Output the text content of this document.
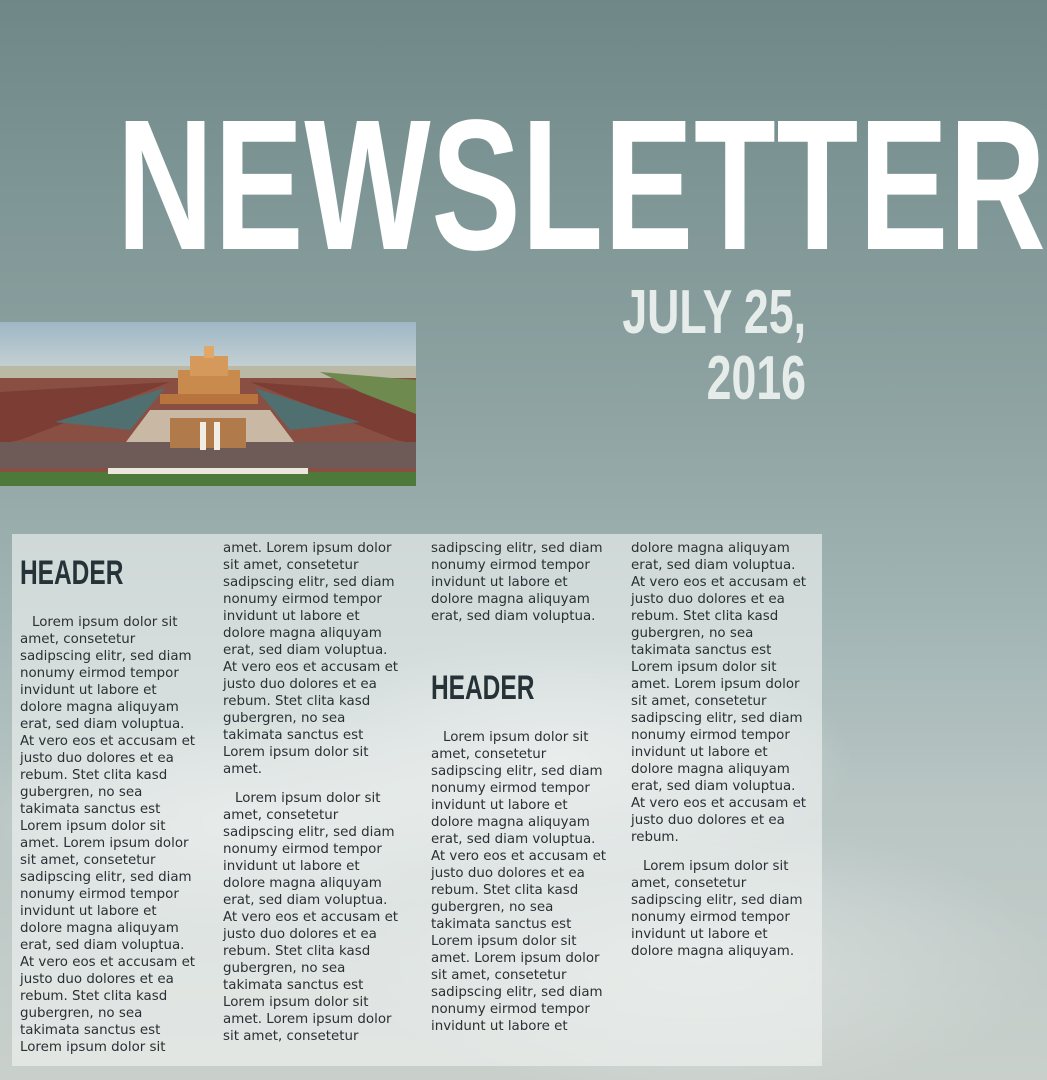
NEWSLETTER
JULY 25, 2016
HEADER

Lorem ipsum dolor sit amet, consetetur sadipscing elitr, sed diam nonumy eirmod tempor invidunt ut labore et dolore magna aliquyam erat, sed diam voluptua. At vero eos et accusam et justo duo dolores et ea rebum. Stet clita kasd gubergren, no sea takimata sanctus est Lorem ipsum dolor sit amet. Lorem ipsum dolor sit amet, consetetur sadipscing elitr, sed diam nonumy eirmod tempor invidunt ut labore et dolore magna aliquyam erat, sed diam voluptua. At vero eos et accusam et justo duo dolores et ea rebum. Stet clita kasd gubergren, no sea takimata sanctus est Lorem ipsum dolor sit

amet. Lorem ipsum dolor sit amet, consetetur sadipscing elitr, sed diam nonumy eirmod tempor invidunt ut labore et dolore magna aliquyam erat, sed diam voluptua. At vero eos et accusam et justo duo dolores et ea rebum. Stet clita kasd gubergren, no sea takimata sanctus est Lorem ipsum dolor sit amet.

Lorem ipsum dolor sit amet, consetetur sadipscing elitr, sed diam nonumy eirmod tempor invidunt ut labore et dolore magna aliquyam erat, sed diam voluptua. At vero eos et accusam et justo duo dolores et ea rebum. Stet clita kasd gubergren, no sea takimata sanctus est Lorem ipsum dolor sit amet. Lorem ipsum dolor sit amet, consetetur

sadipscing elitr, sed diam nonumy eirmod tempor invidunt ut labore et dolore magna aliquyam erat, sed diam voluptua.

HEADER

Lorem ipsum dolor sit amet, consetetur sadipscing elitr, sed diam nonumy eirmod tempor invidunt ut labore et dolore magna aliquyam erat, sed diam voluptua. At vero eos et accusam et justo duo dolores et ea rebum. Stet clita kasd gubergren, no sea takimata sanctus est Lorem ipsum dolor sit amet. Lorem ipsum dolor sit amet, consetetur sadipscing elitr, sed diam nonumy eirmod tempor invidunt ut labore et

dolore magna aliquyam erat, sed diam voluptua. At vero eos et accusam et justo duo dolores et ea rebum. Stet clita kasd gubergren, no sea takimata sanctus est Lorem ipsum dolor sit amet. Lorem ipsum dolor sit amet, consetetur sadipscing elitr, sed diam nonumy eirmod tempor invidunt ut labore et dolore magna aliquyam erat, sed diam voluptua. At vero eos et accusam et justo duo dolores et ea rebum.

Lorem ipsum dolor sit amet, consetetur sadipscing elitr, sed diam nonumy eirmod tempor invidunt ut labore et dolore magna aliquyam.
